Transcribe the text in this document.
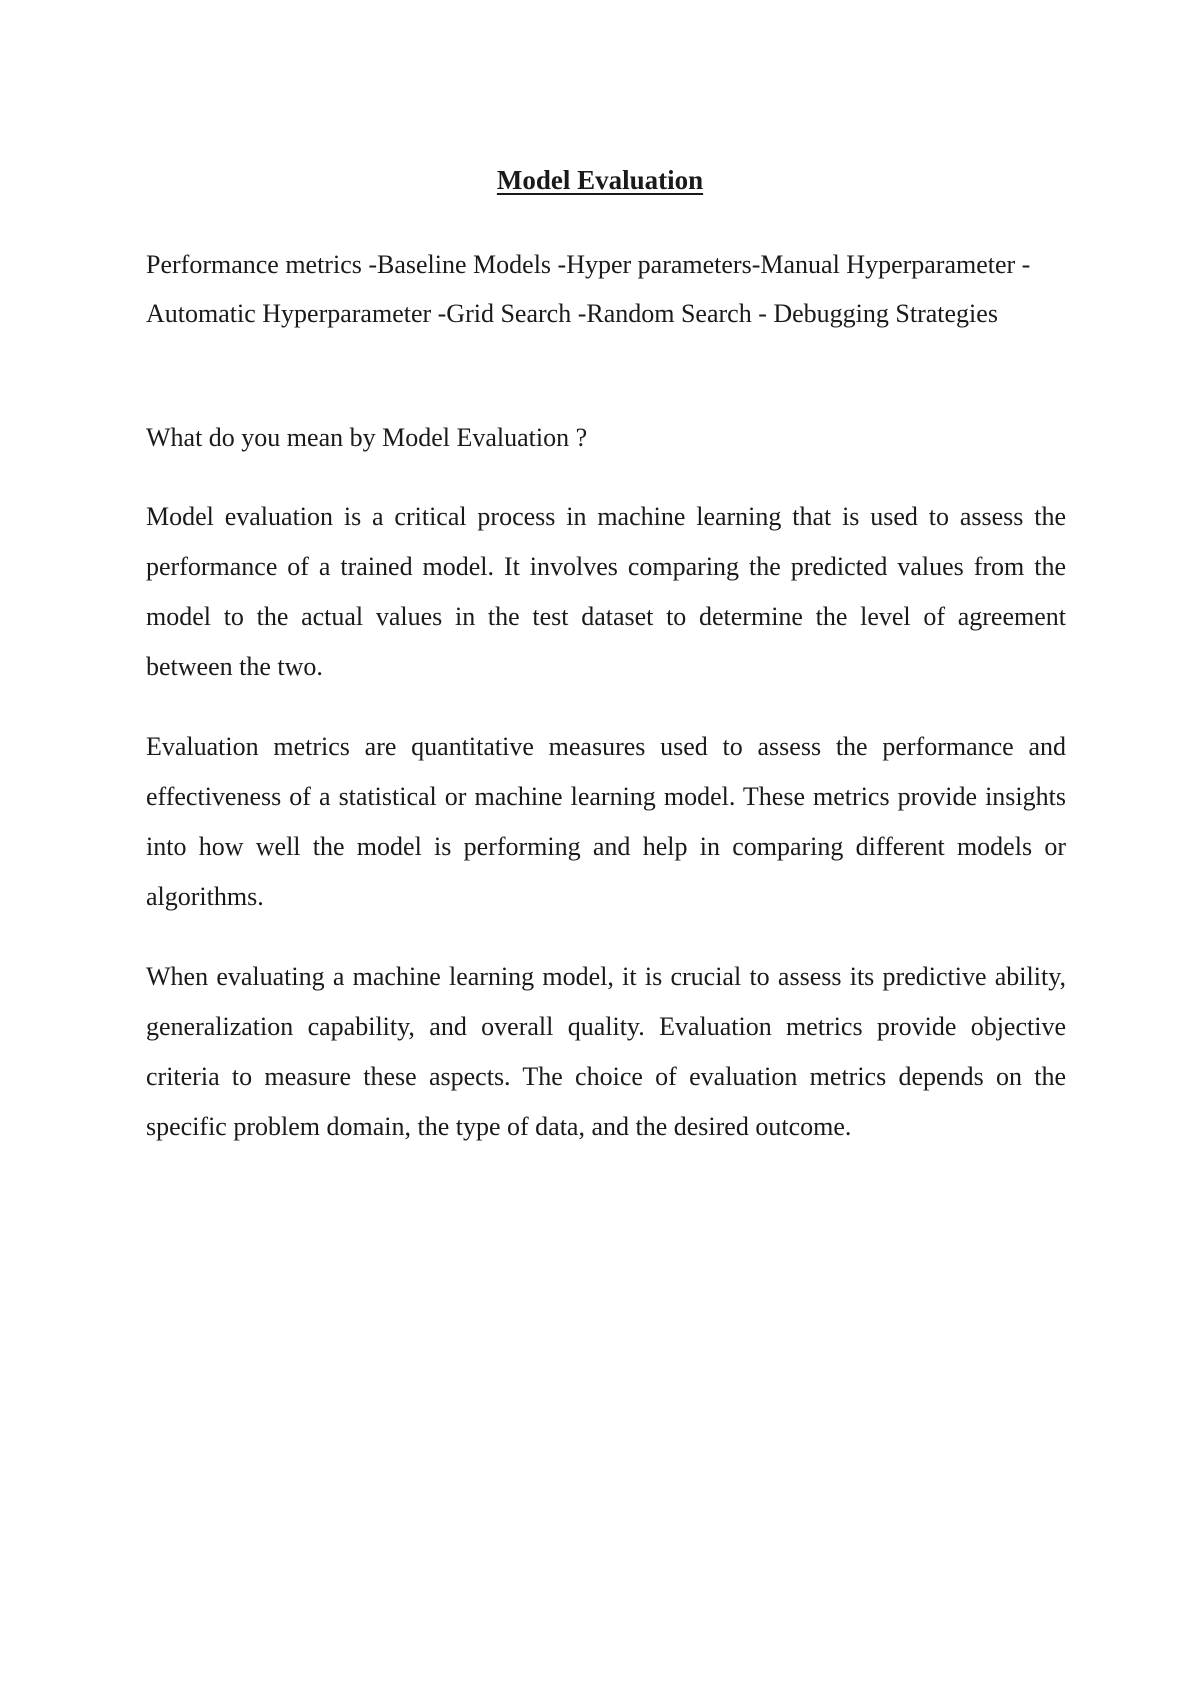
Model Evaluation

Performance metrics -Baseline Models -Hyper parameters-Manual Hyperparameter -Automatic Hyperparameter -Grid Search -Random Search - Debugging Strategies

What do you mean by Model Evaluation ?

Model evaluation is a critical process in machine learning that is used to assess the performance of a trained model. It involves comparing the predicted values from the model to the actual values in the test dataset to determine the level of agreement between the two.

Evaluation metrics are quantitative measures used to assess the performance and effectiveness of a statistical or machine learning model. These metrics provide insights into how well the model is performing and help in comparing different models or algorithms.

When evaluating a machine learning model, it is crucial to assess its predictive ability, generalization capability, and overall quality. Evaluation metrics provide objective criteria to measure these aspects. The choice of evaluation metrics depends on the specific problem domain, the type of data, and the desired outcome.
